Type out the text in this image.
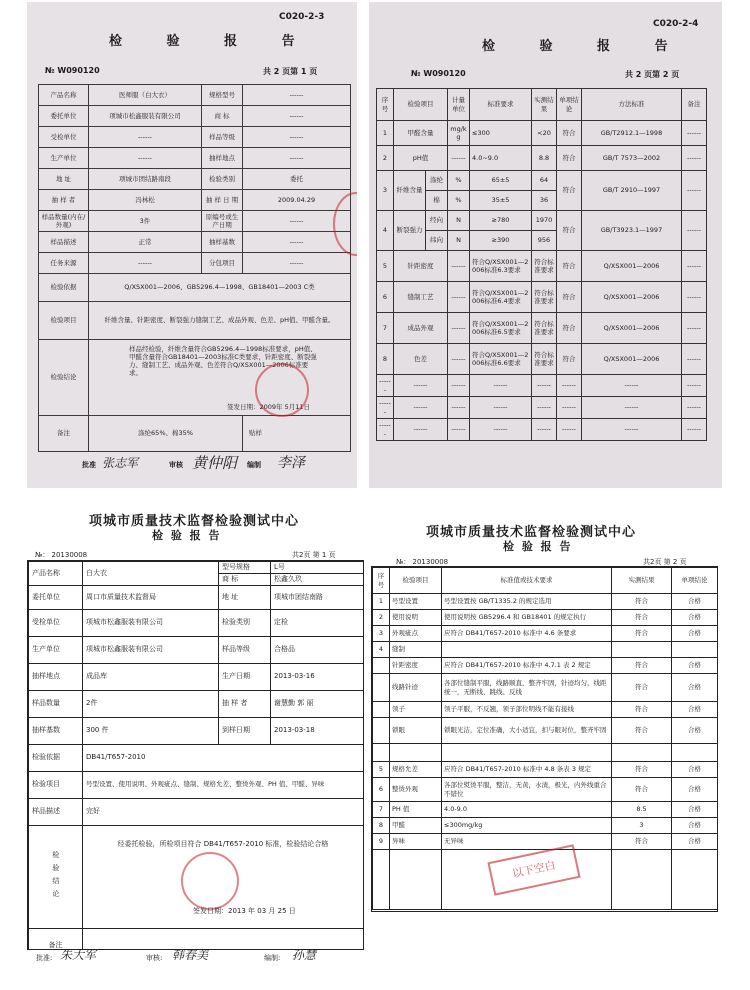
C020-2-3
检 验 报 告
№ W090120	共 2 页第 1 页
产品名称	医师服（白大衣）	规格型号	------
委托单位	项城市松鑫服装有限公司	商 标	------
受检单位	------	样品等级	------
生产单位	------	抽样地点	------
地 址	项城市团结路南段	检验类别	委托
抽 样 者	冯林松	抽 样 日 期	2009.04.29
样品数量(内在/外观)	3件	原编号或生产日期	------
样品描述	正常	抽样基数	------
任务来源	------	分包项目	------
检验依据	Q/XSX001—2006、GB5296.4—1998、GB18401—2003 C类		
检验项目	纤维含量、针距密度、断裂强力缝制工艺、成品外观、色差、pH值、甲醛含量。		
检验结论	样品经检验，纤维含量符合GB5296.4—1998标准要求，pH值、甲醛含量符合GB18401—2003标准C类要求，针距密度、断裂强力、缝制工艺、成品外观、色差符合Q/XSX001—2006标准要求。
签发日期：2009年 5月11日		

备注	涤纶65%、棉35%		贴样
批准 张志军	审核 黄仲阳 编制 李泽
C020-2-4
检 验 报 告
№ W090120	共 2 页第 2 页
序号	检验项目		计量单位	标准要求	实测结果	单项结论	方法标准	备注
1	甲醛含量		mg/kg	≤300	<20	符合	GB/T2912.1—1998	------
2	pH值		------	4.0~9.0	8.8	符合	GB/T 7573—2002	------
3	纤维含量	涤纶	%	65±5	64	符合	GB/T 2910—1997	------
		棉	%	35±5	36			
4	断裂强力	经向	N	≥780	1970	符合	GB/T3923.1—1997	------
		纬向	N	≥390	956			
5	针距密度		------	符合Q/XSX001—2006标准6.3要求	符合标准要求	符合	Q/XSX001—2006	------
6	缝制工艺		------	符合Q/XSX001—2006标准6.4要求	符合标准要求	符合	Q/XSX001—2006	------
7	成品外观		------	符合Q/XSX001—2006标准6.5要求	符合标准要求	符合	Q/XSX001—2006	------
8	色差		------	符合Q/XSX001—2006标准6.6要求	符合标准要求	符合	Q/XSX001—2006	------
------	------		------	------	------	------	------	------
------	------		------	------	------	------	------	------
------	------		------	------	------	------	------	------
项城市质量技术监督检验测试中心
检 验 报 告
№： 20130008	共2页 第 1 页
产品名称	白大衣	型号规格	L号
		商 标	松鑫久玖
委托单位	周口市质量技术监督局	地 址	项城市团结南路
受检单位	项城市松鑫服装有限公司	检验类别	定检
生产单位	项城市松鑫服装有限公司	样品等级	合格品
抽样地点	成品库	生产日期	2013-03-16
样品数量	2件	抽 样 者	谢慧勤 郭 丽
抽样基数	300 件	到样日期	2013-03-18
检验依据	DB41/T657-2010		
检验项目	号型设置、使用说明、外观疵点、缝制、规格允差、整烫外观、PH 值、甲醛、异味		
样品描述	完好		
检验结论	经委托检验，所检项目符合 DB41/T657-2010 标准，检验结论合格
签发日期：2013 年 03 月 25 日		

备注			
批准: 朱大军	审核: 韩春美	编制: 孙慧
项城市质量技术监督检验测试中心
检 验 报 告
№： 20130008	共2页 第 2 页
序号	检验项目	标准值或技术要求	实测结果	单项结论
1	号型设置	号型设置按 GB/T1335.2 的规定选用	符合	合格
2	使用说明	使用说明按 GB5296.4 和 GB18401 的规定执行	符合	合格
3	外观疵点	应符合 DB41/T657-2010 标准中 4.6 条要求	符合	合格
4	缝制			
	针距密度	应符合 DB41/T657-2010 标准中 4.7.1 表 2 规定	符合	合格
	线路针迹	各部位缝制平服，线路顺直，整齐牢固，针迹均匀，线距统一，无断线、跳线、反线	符合	合格
	领子	领子平服，不反翘，领子部位明线不能有接线	符合	合格
	锁眼	锁眼光洁，定位准确，大小适宜，扣与眼对位，整齐牢固	符合	合格

5	规格允差	应符合 DB41/T657-2010 标准中 4.8 条表 3 规定	符合	合格
6	整烫外观	各部位熨烫平服，整洁，无黄，水渍，极光，内外线重合不错位	符合	合格
7	PH 值	4.0-9.0	8.5	合格
8	甲醛	≤300mg/kg	3	合格
9	异味	无异味	符合	合格

以下空白
